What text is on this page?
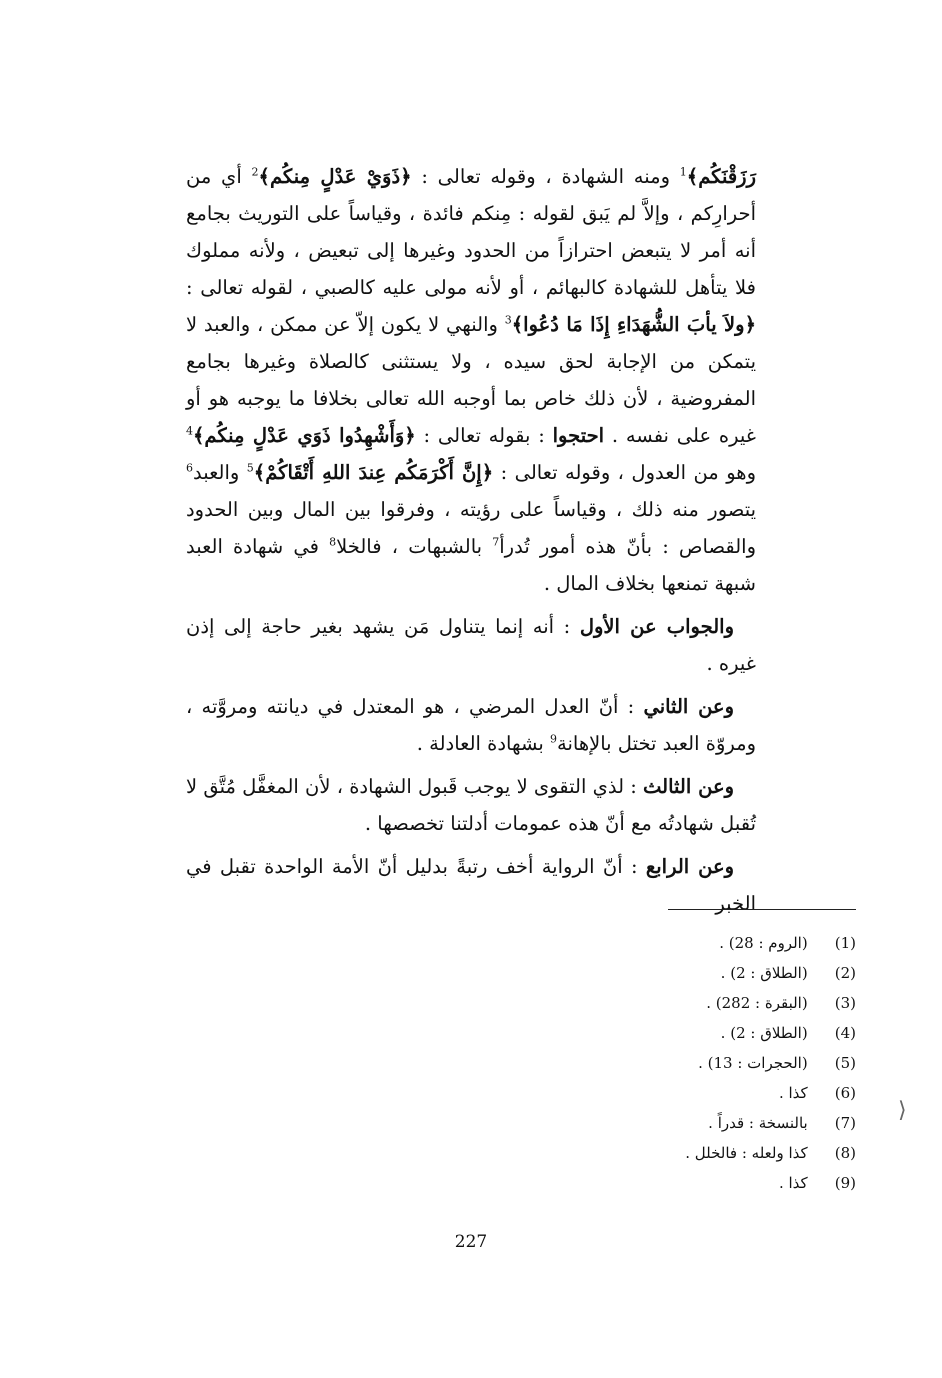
رَزَقْنَكُم﴾$^1$ ومنه الشهادة ، وقوله تعالى : ﴿ذَوَيْ عَدْلٍ مِنكُم﴾$^2$ أي من أحرارِكم ، وإلاَّ لم يَبق لقوله : مِنكم فائدة ، وقياساً على التوريث بجامع أنه أمر لا يتبعض احترازاً من الحدود وغيرها إلى تبعيض ، ولأنه مملوك فلا يتأهل للشهادة كالبهائم ، أو لأنه مولى عليه كالصبي ، لقوله تعالى : ﴿ولاَ يأبَ الشُّهَدَاءِ إِذَا مَا دُعُوا﴾$^3$ والنهي لا يكون إلاّ عن ممكن ، والعبد لا يتمكن من الإجابة لحق سيده ، ولا يستثنى كالصلاة وغيرها بجامع المفروضية ، لأن ذلك خاص بما أوجبه الله تعالى بخلافا ما يوجبه هو أو غيره على نفسه . احتجوا : بقوله تعالى : ﴿وَأَشْهِدُوا ذَوَي عَدْلٍ مِنكُم﴾$^4$ وهو من العدول ، وقوله تعالى : ﴿إِنَّ أَكْرَمَكُم عِندَ اللهِ أَتْقَاكُمْ﴾$^5$ والعبد$^6$ يتصور منه ذلك ، وقياساً على رؤيته ، وفرقوا بين المال وبين الحدود والقصاص : بأنّ هذه أمور تُدرأ$^7$ بالشبهات ، فالخلا$^8$ في شهادة العبد شبهة تمنعها بخلاف المال .

والجواب عن الأول : أنه إنما يتناول مَن يشهد بغير حاجة إلى إذن غيره .

وعن الثاني : أنّ العدل المرضي ، هو المعتدل في ديانته ومروَّته ، ومروّة العبد تختل بالإهانة$^9$ بشهادة العادلة .

وعن الثالث : لذي التقوى لا يوجب قَبول الشهادة ، لأن المغفَّل مُتَّق لا تُقبل شهادتُه مع أنّ هذه عمومات أدلتنا تخصصها .

وعن الرابع : أنّ الرواية أخف رتبةً بدليل أنّ الأمة الواحدة تقبل في الخبر

(1)   (الروم : 28) .
(2)   (الطلاق : 2) .
(3)   (البقرة : 282) .
(4)   (الطلاق : 2) .
(5)   (الحجرات : 13) .
(6)   كذا .
(7)   بالنسخة : قدراً .
(8)   كذا ولعله : فالخلل .
(9)   كذا .
⟩
227
